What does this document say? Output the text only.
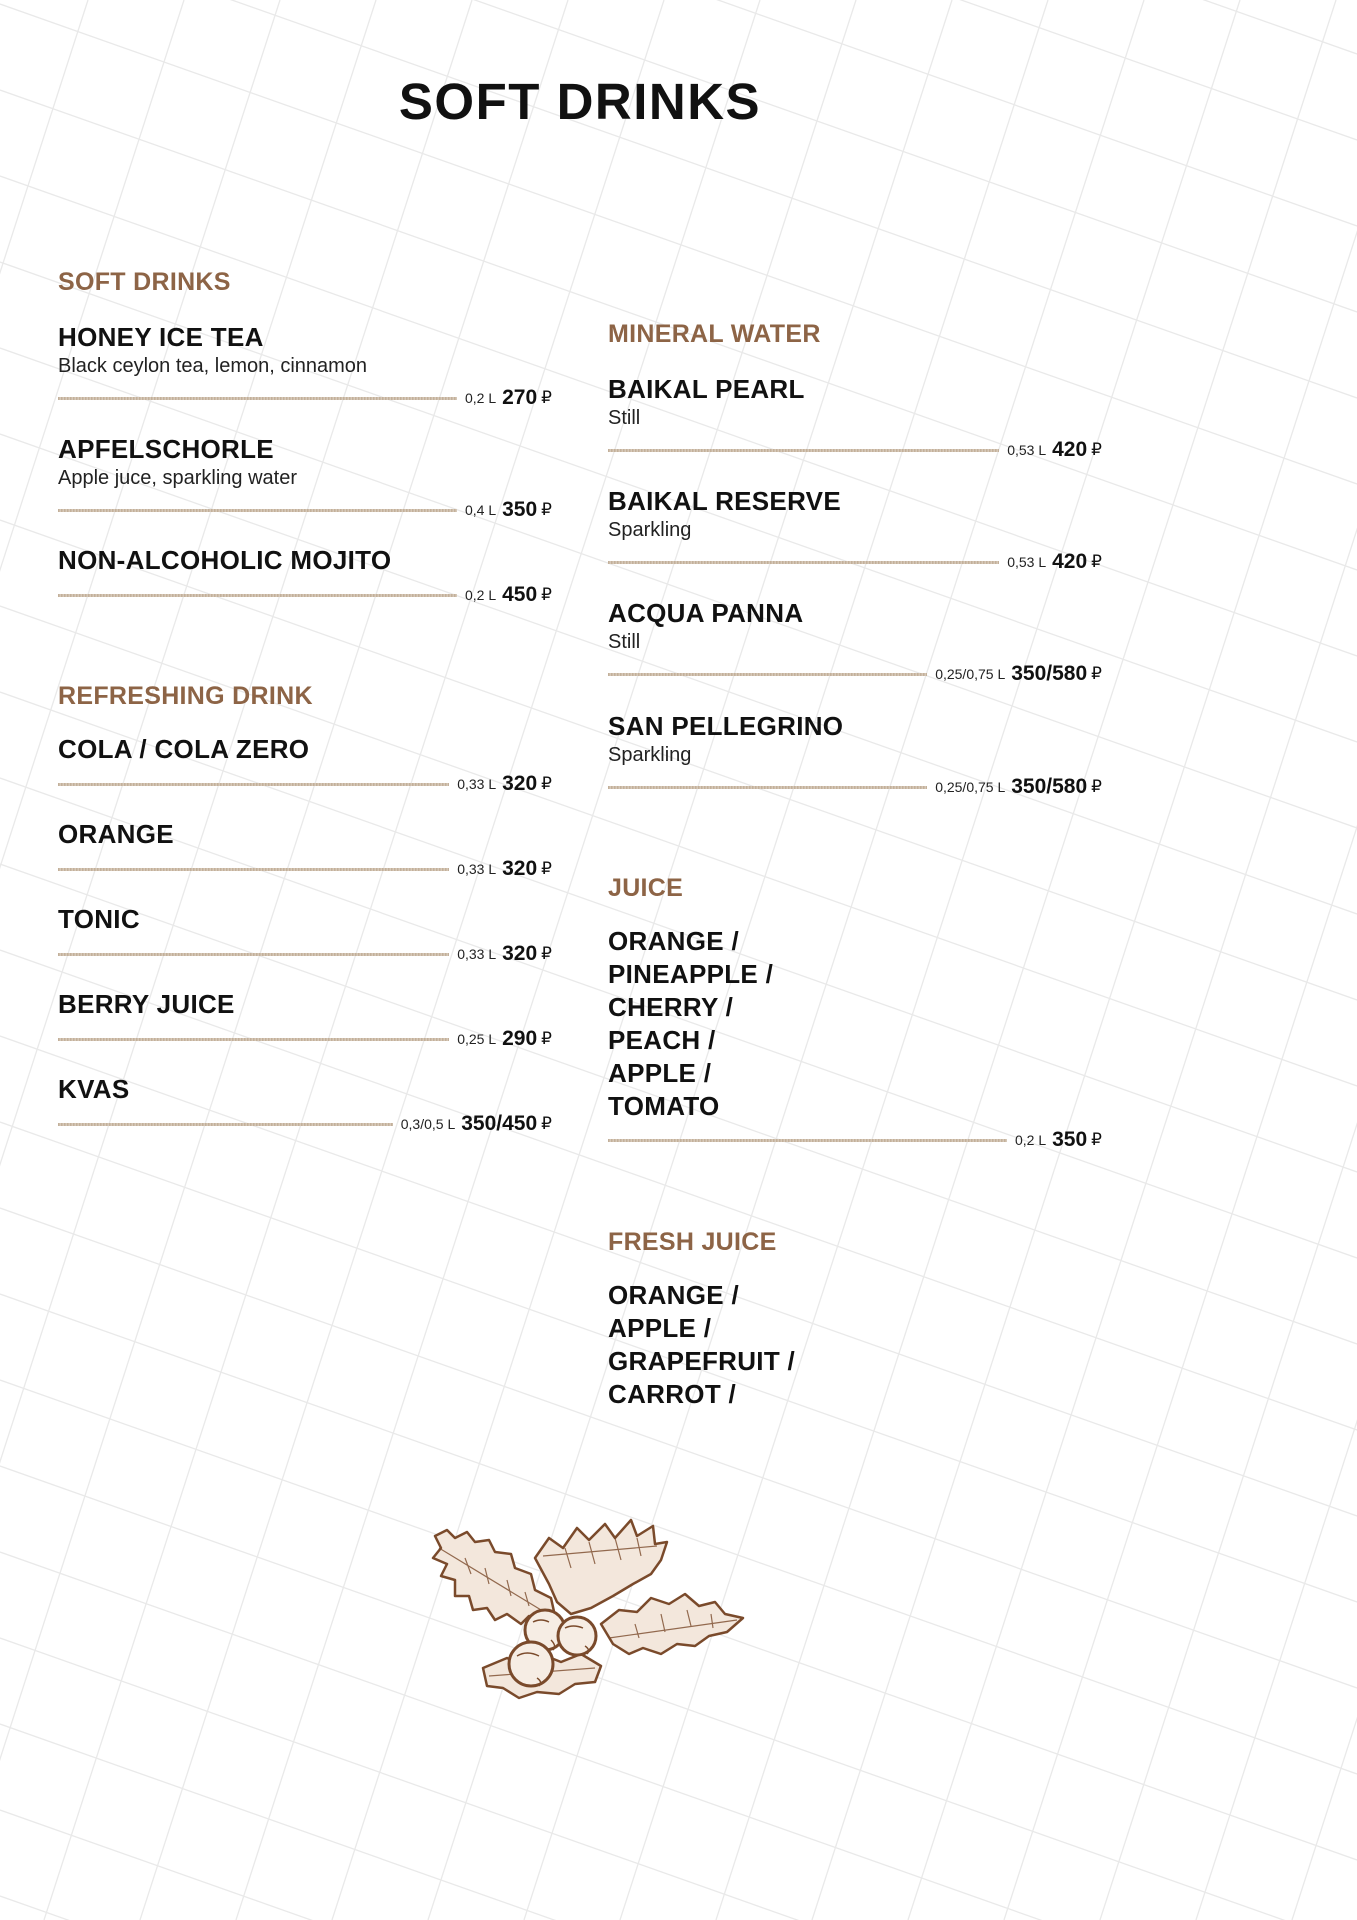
SOFT DRINKS
SOFT DRINKS
HONEY ICE TEA
Black ceylon tea, lemon, cinnamon
0,2 L 270 ₽
APFELSCHORLE
Apple juce, sparkling water
0,4 L 350 ₽
NON-ALCOHOLIC MOJITO
0,2 L 450 ₽
REFRESHING DRINK
COLA / COLA ZERO
0,33 L 320 ₽
ORANGE
0,33 L 320 ₽
TONIC
0,33 L 320 ₽
BERRY JUICE
0,25 L 290 ₽
KVAS
0,3/0,5 L 350/450 ₽
MINERAL WATER
BAIKAL PEARL
Still
0,53 L 420 ₽
BAIKAL RESERVE
Sparkling
0,53 L 420 ₽
ACQUA PANNA
Still
0,25/0,75 L 350/580 ₽
SAN PELLEGRINO
Sparkling
0,25/0,75 L 350/580 ₽
JUICE
ORANGE /
PINEAPPLE /
CHERRY /
PEACH /
APPLE /
TOMATO
0,2 L 350 ₽
FRESH JUICE
ORANGE /
APPLE /
GRAPEFRUIT /
CARROT /
